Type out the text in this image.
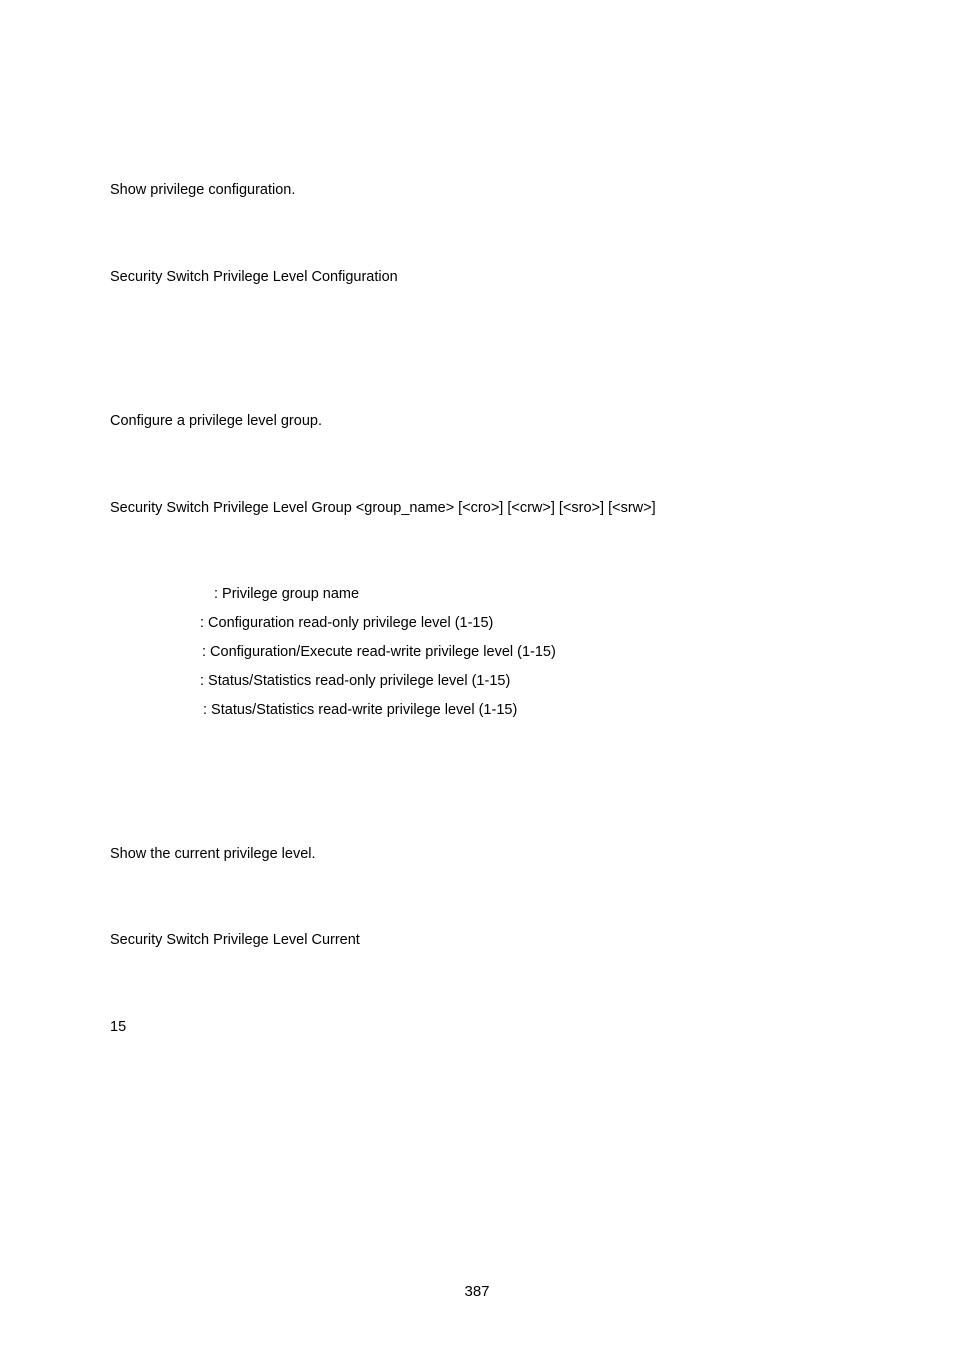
Show privilege configuration.
Security Switch Privilege Level Configuration
Configure a privilege level group.
Security Switch Privilege Level Group <group_name> [<cro>] [<crw>] [<sro>] [<srw>]
: Privilege group name
: Configuration read-only privilege level (1-15)
: Configuration/Execute read-write privilege level (1-15)
: Status/Statistics read-only privilege level (1-15)
: Status/Statistics read-write privilege level (1-15)
Show the current privilege level.
Security Switch Privilege Level Current
15
387
